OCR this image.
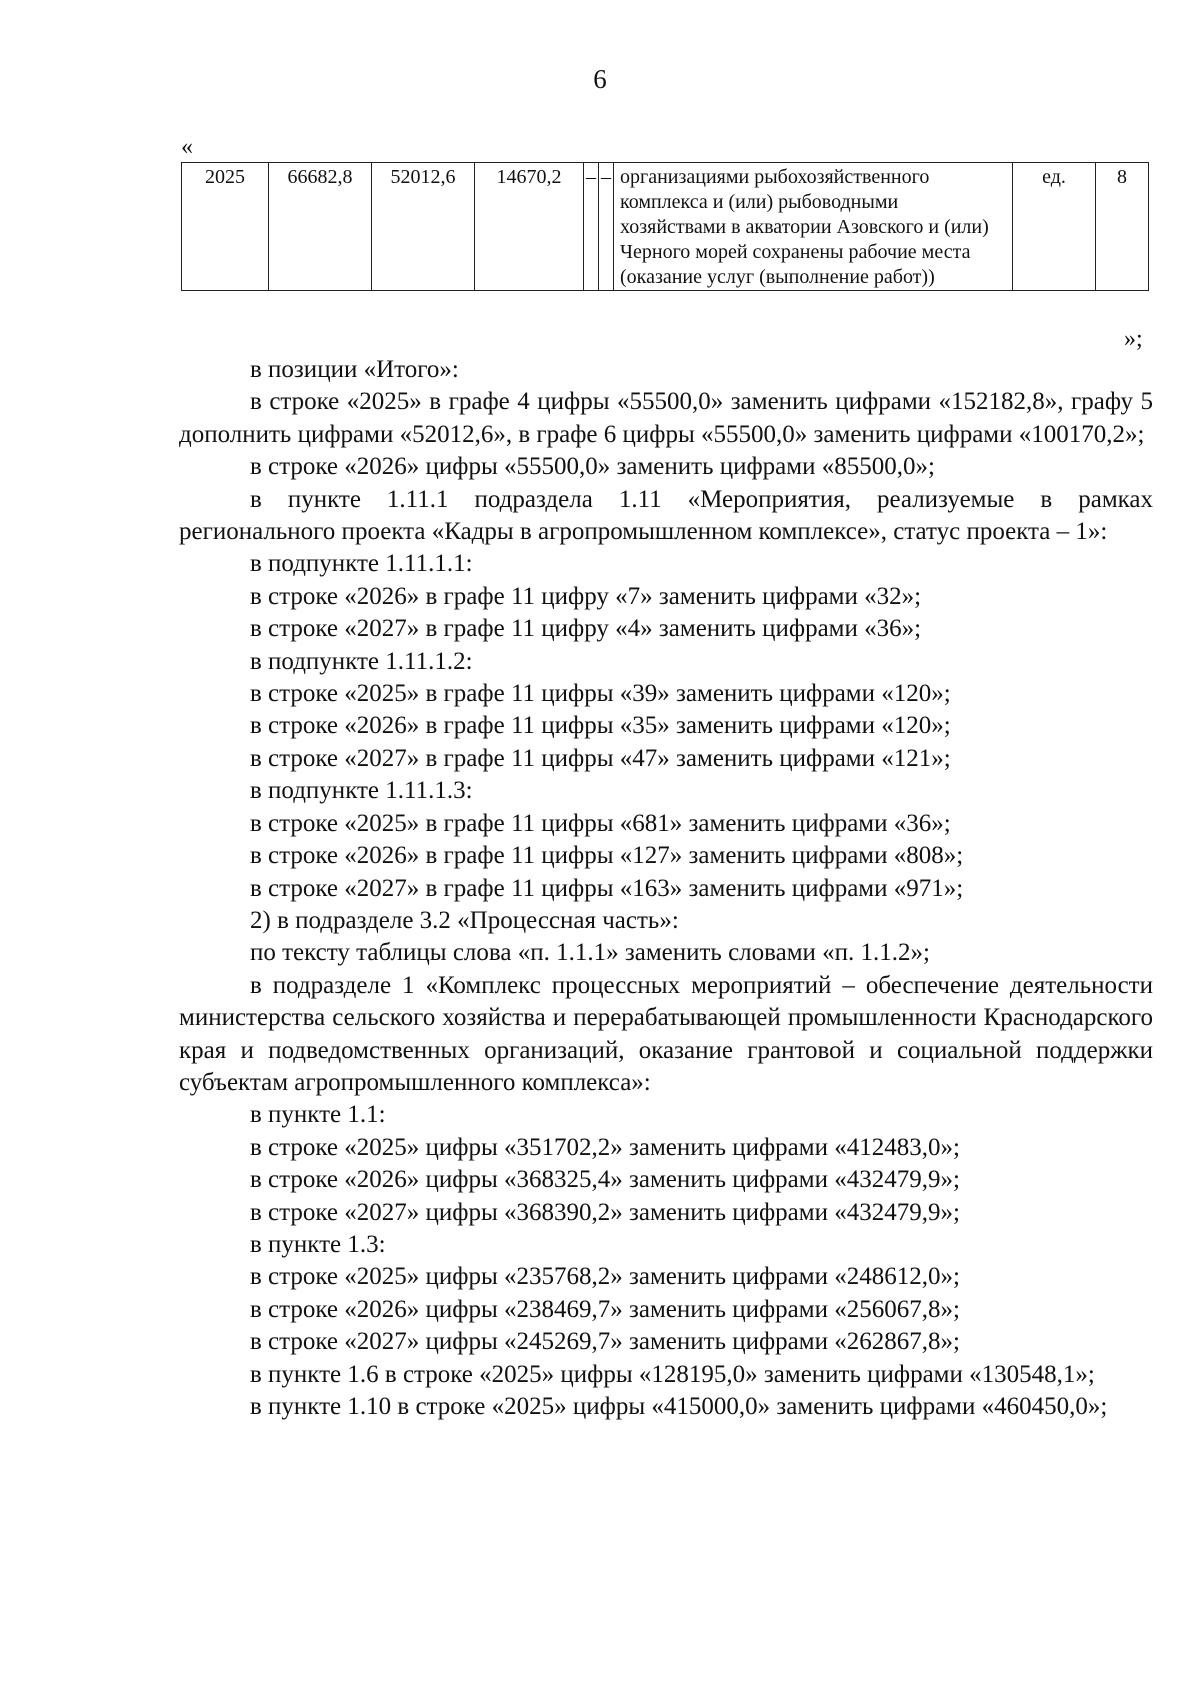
6
«
2025	66682,8	52012,6	14670,2	–	–	организациями рыбохозяйственного комплекса и (или) рыбоводными хозяйствами в акватории Азовского и (или) Черного морей сохранены рабочие места (оказание услуг (выполнение работ))	ед.	8
»;

в позиции «Итого»:

в строке «2025» в графе 4 цифры «55500,0» заменить цифрами «152182,8», графу 5 дополнить цифрами «52012,6», в графе 6 цифры «55500,0» заменить цифрами «100170,2»;

в строке «2026» цифры «55500,0» заменить цифрами «85500,0»;

в пункте 1.11.1 подраздела 1.11 «Мероприятия, реализуемые в рамках регионального проекта «Кадры в агропромышленном комплексе», статус проекта – 1»:

в подпункте 1.11.1.1:

в строке «2026» в графе 11 цифру «7» заменить цифрами «32»;

в строке «2027» в графе 11 цифру «4» заменить цифрами «36»;

в подпункте 1.11.1.2:

в строке «2025» в графе 11 цифры «39» заменить цифрами «120»;

в строке «2026» в графе 11 цифры «35» заменить цифрами «120»;

в строке «2027» в графе 11 цифры «47» заменить цифрами «121»;

в подпункте 1.11.1.3:

в строке «2025» в графе 11 цифры «681» заменить цифрами «36»;

в строке «2026» в графе 11 цифры «127» заменить цифрами «808»;

в строке «2027» в графе 11 цифры «163» заменить цифрами «971»;

2) в подразделе 3.2 «Процессная часть»:

по тексту таблицы слова «п. 1.1.1» заменить словами «п. 1.1.2»;

в подразделе 1 «Комплекс процессных мероприятий – обеспечение деятельности министерства сельского хозяйства и перерабатывающей промышленности Краснодарского края и подведомственных организаций, оказание грантовой и социальной поддержки субъектам агропромышленного комплекса»:

в пункте 1.1:

в строке «2025» цифры «351702,2» заменить цифрами «412483,0»;

в строке «2026» цифры «368325,4» заменить цифрами «432479,9»;

в строке «2027» цифры «368390,2» заменить цифрами «432479,9»;

в пункте 1.3:

в строке «2025» цифры «235768,2» заменить цифрами «248612,0»;

в строке «2026» цифры «238469,7» заменить цифрами «256067,8»;

в строке «2027» цифры «245269,7» заменить цифрами «262867,8»;

в пункте 1.6 в строке «2025» цифры «128195,0» заменить цифрами «130548,1»;

в пункте 1.10 в строке «2025» цифры «415000,0» заменить цифрами «460450,0»;
